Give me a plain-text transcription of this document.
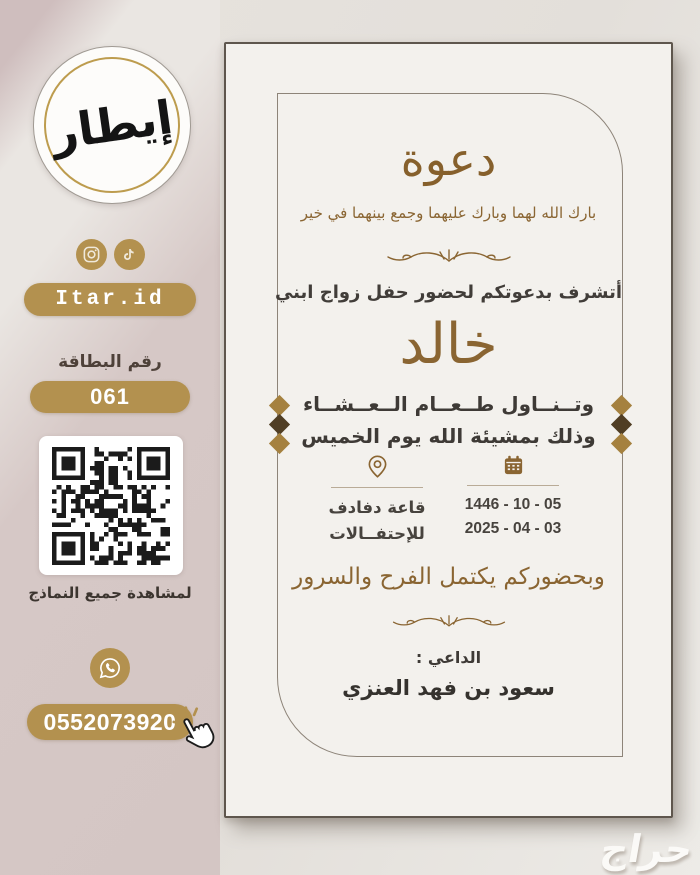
إيطار
Itar.id
رقم البطاقة
061
لمشاهدة جميع النماذج
0552073920
دعوة
بارك الله لهما وبارك عليهما وجمع بينهما في خير
أتشرف بدعوتكم لحضور حفل زواج ابني
خالد
وتــنــاول طــعــام الــعــشــاء
وذلك بمشيئة الله يوم الخميس
1446 - 10 - 05
2025 - 04 - 03
قاعة دفادف
للإحتفــالات
وبحضوركم يكتمل الفرح والسرور
الداعي :
سعود بن فهد العنزي
حراج
